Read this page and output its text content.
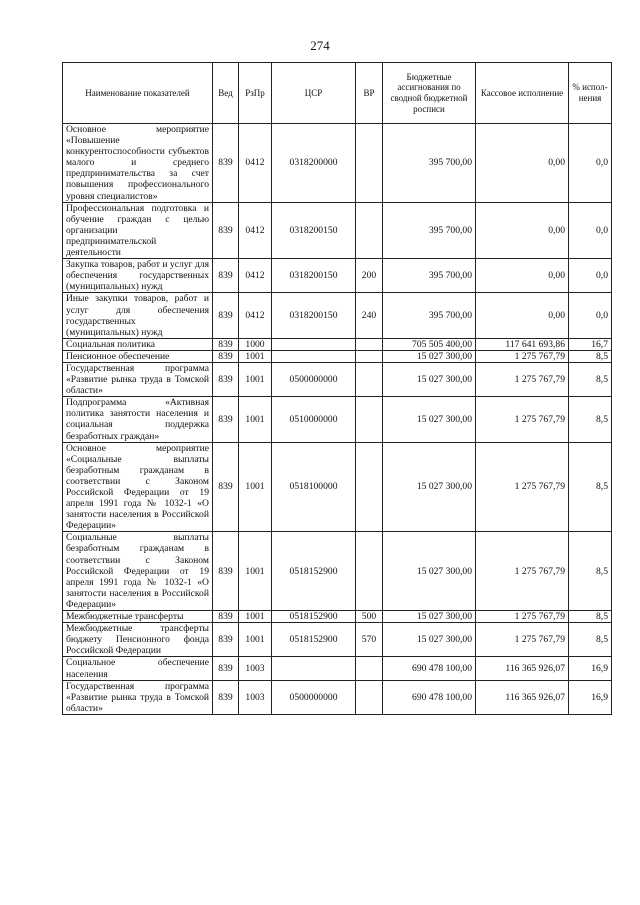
274
Наименование показателей	Вед	РзПр	ЦСР	ВР	Бюджетные ассигнования по сводной бюджетной росписи	Кассовое исполнение	% испол-нения
Основное мероприятие «Повышение конкурентоспособности субъектов малого и среднего предпринимательства за счет повышения профессионального уровня специалистов»	839	0412	0318200000		395 700,00	0,00	0,0
Профессиональная подготовка и обучение граждан с целью организации предпринимательской деятельности	839	0412	0318200150		395 700,00	0,00	0,0
Закупка товаров, работ и услуг для обеспечения государственных (муниципальных) нужд	839	0412	0318200150	200	395 700,00	0,00	0,0
Иные закупки товаров, работ и услуг для обеспечения государственных (муниципальных) нужд	839	0412	0318200150	240	395 700,00	0,00	0,0
Социальная политика	839	1000			705 505 400,00	117 641 693,86	16,7
Пенсионное обеспечение	839	1001			15 027 300,00	1 275 767,79	8,5
Государственная программа «Развитие рынка труда в Томской области»	839	1001	0500000000		15 027 300,00	1 275 767,79	8,5
Подпрограмма «Активная политика занятости населения и социальная поддержка безработных граждан»	839	1001	0510000000		15 027 300,00	1 275 767,79	8,5
Основное мероприятие «Социальные выплаты безработным гражданам в соответствии с Законом Российской Федерации от 19 апреля 1991 года № 1032-1 «О занятости населения в Российской Федерации»	839	1001	0518100000		15 027 300,00	1 275 767,79	8,5
Социальные выплаты безработным гражданам в соответствии с Законом Российской Федерации от 19 апреля 1991 года № 1032-1 «О занятости населения в Российской Федерации»	839	1001	0518152900		15 027 300,00	1 275 767,79	8,5
Межбюджетные трансферты	839	1001	0518152900	500	15 027 300,00	1 275 767,79	8,5
Межбюджетные трансферты бюджету Пенсионного фонда Российской Федерации	839	1001	0518152900	570	15 027 300,00	1 275 767,79	8,5
Социальное обеспечение населения	839	1003			690 478 100,00	116 365 926,07	16,9
Государственная программа «Развитие рынка труда в Томской области»	839	1003	0500000000		690 478 100,00	116 365 926,07	16,9
